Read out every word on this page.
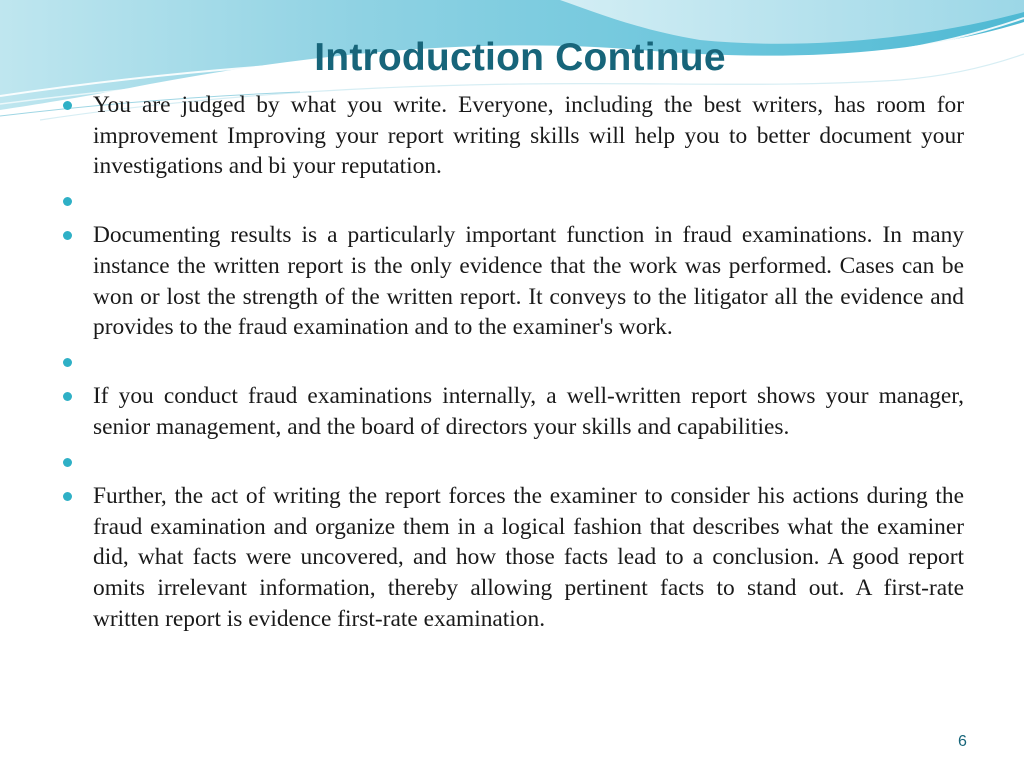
Introduction Continue
You are judged by what you write. Everyone, including the best writers, has room for improvement Improving your report writing skills will help you to better document your investigations and bi your reputation.
Documenting results is a particularly important function in fraud examinations. In many instance the written report is the only evidence that the work was performed. Cases can be won or lost the strength of the written report. It conveys to the litigator all the evidence and provides to the fraud examination and to the examiner's work.
If you conduct fraud examinations internally, a well-written report shows your manager, senior management, and the board of directors your skills and capabilities.
Further, the act of writing the report forces the examiner to consider his actions during the fraud examination and organize them in a logical fashion that describes what the examiner did, what facts were uncovered, and how those facts lead to a conclusion. A good report omits irrelevant information, thereby allowing pertinent facts to stand out. A first-rate written report is evidence first-rate examination.
6
